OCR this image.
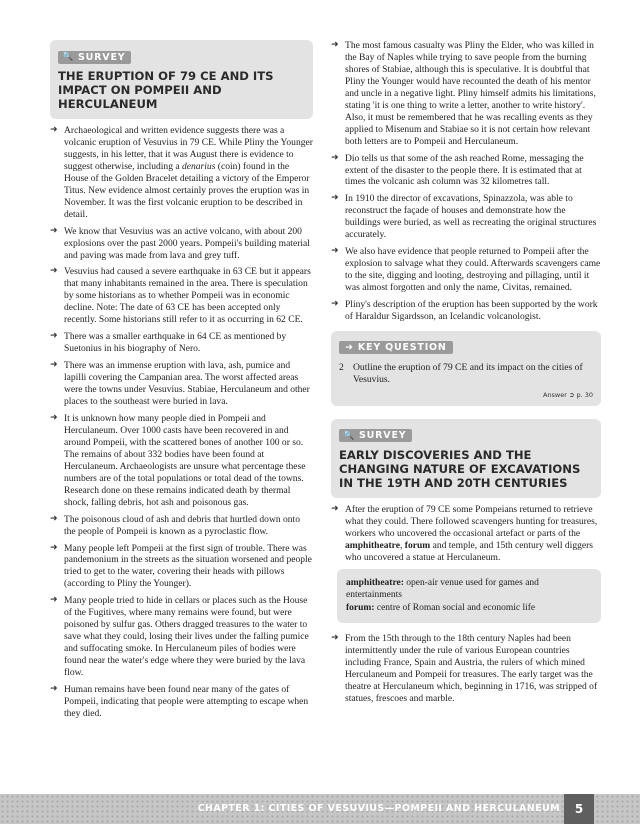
🔍 SURVEY
THE ERUPTION OF 79 CE AND ITS IMPACT ON POMPEII AND HERCULANEUM
➜ Archaeological and written evidence suggests there was a volcanic eruption of Vesuvius in 79 CE. While Pliny the Younger suggests, in his letter, that it was August there is evidence to suggest otherwise, including a denarius (coin) found in the House of the Golden Bracelet detailing a victory of the Emperor Titus. New evidence almost certainly proves the eruption was in November. It was the first volcanic eruption to be described in detail.
➜ We know that Vesuvius was an active volcano, with about 200 explosions over the past 2000 years. Pompeii's building material and paving was made from lava and grey tuff.
➜ Vesuvius had caused a severe earthquake in 63 CE but it appears that many inhabitants remained in the area. There is speculation by some historians as to whether Pompeii was in economic decline. Note: The date of 63 CE has been accepted only recently. Some historians still refer to it as occurring in 62 CE.
➜ There was a smaller earthquake in 64 CE as mentioned by Suetonius in his biography of Nero.
➜ There was an immense eruption with lava, ash, pumice and lapilli covering the Campanian area. The worst affected areas were the towns under Vesuvius. Stabiae, Herculaneum and other places to the southeast were buried in lava.
➜ It is unknown how many people died in Pompeii and Herculaneum. Over 1000 casts have been recovered in and around Pompeii, with the scattered bones of another 100 or so. The remains of about 332 bodies have been found at Herculaneum. Archaeologists are unsure what percentage these numbers are of the total populations or total dead of the towns. Research done on these remains indicated death by thermal shock, falling debris, hot ash and poisonous gas.
➜ The poisonous cloud of ash and debris that hurtled down onto the people of Pompeii is known as a pyroclastic flow.
➜ Many people left Pompeii at the first sign of trouble. There was pandemonium in the streets as the situation worsened and people tried to get to the water, covering their heads with pillows (according to Pliny the Younger).
➜ Many people tried to hide in cellars or places such as the House of the Fugitives, where many remains were found, but were poisoned by sulfur gas. Others dragged treasures to the water to save what they could, losing their lives under the falling pumice and suffocating smoke. In Herculaneum piles of bodies were found near the water's edge where they were buried by the lava flow.
➜ Human remains have been found near many of the gates of Pompeii, indicating that people were attempting to escape when they died.
➜ The most famous casualty was Pliny the Elder, who was killed in the Bay of Naples while trying to save people from the burning shores of Stabiae, although this is speculative. It is doubtful that Pliny the Younger would have recounted the death of his mentor and uncle in a negative light. Pliny himself admits his limitations, stating 'it is one thing to write a letter, another to write history'. Also, it must be remembered that he was recalling events as they applied to Misenum and Stabiae so it is not certain how relevant both letters are to Pompeii and Herculaneum.
➜ Dio tells us that some of the ash reached Rome, messaging the extent of the disaster to the people there. It is estimated that at times the volcanic ash column was 32 kilometres tall.
➜ In 1910 the director of excavations, Spinazzola, was able to reconstruct the façade of houses and demonstrate how the buildings were buried, as well as recreating the original structures accurately.
➜ We also have evidence that people returned to Pompeii after the explosion to salvage what they could. Afterwards scavengers came to the site, digging and looting, destroying and pillaging, until it was almost forgotten and only the name, Civitas, remained.
➜ Pliny's description of the eruption has been supported by the work of Haraldur Sigardsson, an Icelandic volcanologist.
➜ KEY QUESTION
2 Outline the eruption of 79 CE and its impact on the cities of Vesuvius.
Answer ➲ p. 30
🔍 SURVEY
EARLY DISCOVERIES AND THE CHANGING NATURE OF EXCAVATIONS IN THE 19TH AND 20TH CENTURIES
➜ After the eruption of 79 CE some Pompeians returned to retrieve what they could. There followed scavengers hunting for treasures, workers who uncovered the occasional artefact or parts of the amphitheatre, forum and temple, and 15th century well diggers who uncovered a statue at Herculaneum.

amphitheatre: open-air venue used for games and entertainments

forum: centre of Roman social and economic life

➜ From the 15th through to the 18th century Naples had been intermittently under the rule of various European countries including France, Spain and Austria, the rulers of which mined Herculaneum and Pompeii for treasures. The early target was the theatre at Herculaneum which, beginning in 1716, was stripped of statues, frescoes and marble.
CHAPTER 1: CITIES OF VESUVIUS—POMPEII AND HERCULANEUM	5
